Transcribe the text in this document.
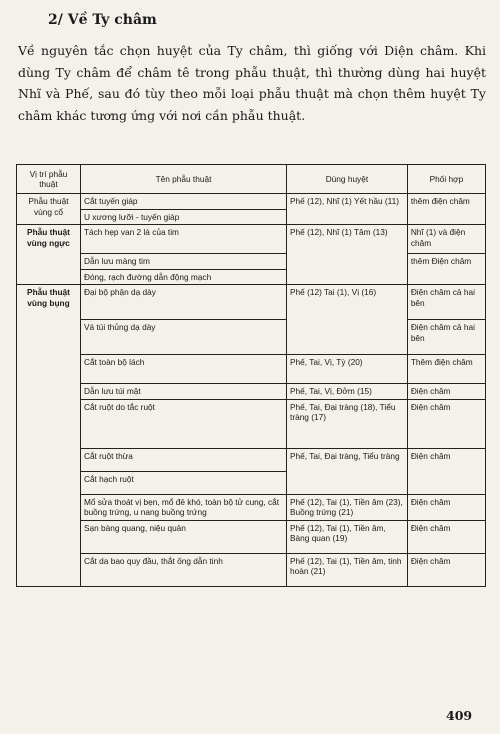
2/ Về Ty châm

Về nguyên tắc chọn huyệt của Ty châm, thì giống với Diện châm. Khi dùng Ty châm để châm tê trong phẫu thuật, thì thường dùng hai huyệt Nhĩ và Phế, sau đó tùy theo mỗi loại phẫu thuật mà chọn thêm huyệt Ty châm khác tương ứng với nơi cần phẫu thuật.

Vị trí phẫu thuật	Tên phẫu thuật	Dùng huyệt	Phối hợp
Phẫu thuật vùng cổ	Cắt tuyến giáp	Phế (12), Nhĩ (1) Yết hầu (11)	thêm điện châm
	U xương lưỡi - tuyến giáp		
Phẫu thuật vùng ngực	Tách hẹp van 2 lá của tim	Phế (12), Nhĩ (1) Tâm (13)	Nhĩ (1) và điện châm
	Dẫn lưu màng tim		thêm Điện châm
	Đóng, rạch đường dẫn động mạch		
Phẫu thuật vùng bụng	Đại bộ phận dạ dày	Phế (12) Tai (1), Vị (16)	Điện châm cả hai bên
	Vá túi thủng dạ dày		Điện châm cả hai bên
	Cắt toàn bộ lách	Phế, Tai, Vị, Tỳ (20)	Thêm điện châm
	Dẫn lưu túi mật	Phế, Tai, Vị, Đởm (15)	Điện châm
	Cắt ruột do tắc ruột	Phế, Tai, Đại tràng (18), Tiểu tràng (17)	Điện châm
	Cắt ruột thừa	Phế, Tai, Đại tràng, Tiểu tràng	Điện châm
	Cắt hạch ruột		
	Mổ sửa thoát vị bẹn, mổ đẻ khó, toàn bộ tử cung, cắt buồng trứng, u nang buồng trứng	Phế (12), Tai (1), Tiền âm (23), Buồng trứng (21)	Điện châm
	Sạn bàng quang, niệu quản	Phế (12), Tai (1), Tiền âm, Bàng quan (19)	Điện châm
	Cắt da bao quy đầu, thắt ống dẫn tinh	Phế (12), Tai (1), Tiền âm, tinh hoàn (21)	Điện châm
409
